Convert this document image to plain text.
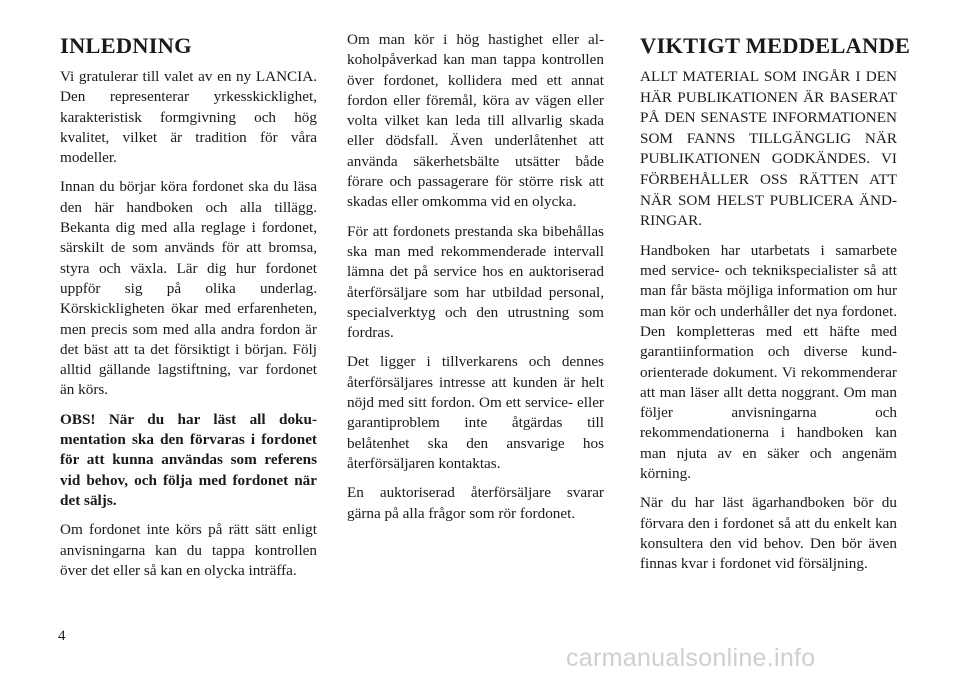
INLEDNING

Vi gratulerar till valet av en ny LANCIA. Den representerar yrkesskicklighet, karakteristisk formgivning och hög kvalitet, vilket är tradition för våra modeller.

Innan du börjar köra fordonet ska du läsa den här handboken och alla tillägg. Bekanta dig med alla reglage i fordonet, särskilt de som används för att bromsa, styra och växla. Lär dig hur fordonet uppför sig på olika underlag. Körskickligheten ökar med erfarenheten, men precis som med alla andra fordon är det bäst att ta det försiktigt i början. Följ alltid gällande lagstiftning, var fordonet än körs.

OBS! När du har läst all dokumentation ska den förvaras i fordonet för att kunna användas som referens vid behov, och följa med fordonet när det säljs.

Om fordonet inte körs på rätt sätt enligt anvisningarna kan du tappa kontrollen över det eller så kan en olycka inträffa.

Om man kör i hög hastighet eller alkoholpåverkad kan man tappa kontrollen över fordonet, kollidera med ett annat fordon eller föremål, köra av vägen eller volta vilket kan leda till allvarlig skada eller dödsfall. Även underlåtenhet att använda säkerhetsbälte utsätter både förare och passagerare för större risk att skadas eller omkomma vid en olycka.

För att fordonets prestanda ska bibehållas ska man med rekommenderade intervall lämna det på service hos en auktoriserad återförsäljare som har utbildad personal, specialverktyg och den utrustning som fordras.

Det ligger i tillverkarens och dennes återförsäljares intresse att kunden är helt nöjd med sitt fordon. Om ett service- eller garantiproblem inte åtgärdas till belåtenhet ska den ansvarige hos återförsäljaren kontaktas.

En auktoriserad återförsäljare svarar gärna på alla frågor som rör fordonet.

VIKTIGT MEDDELANDE

ALLT MATERIAL SOM INGÅR I DEN HÄR PUBLIKATIONEN ÄR BASERAT PÅ DEN SENASTE INFORMATIONEN SOM FANNS TILLGÄNGLIG NÄR PUBLIKATIONEN GODKÄNDES. VI FÖRBEHÅLLER OSS RÄTTEN ATT NÄR SOM HELST PUBLICERA ÄNDRINGAR.

Handboken har utarbetats i samarbete med service- och teknikspecialister så att man får bästa möjliga information om hur man kör och underhåller det nya fordonet. Den kompletteras med ett häfte med garantiinformation och diverse kundorienterade dokument. Vi rekommenderar att man läser allt detta noggrant. Om man följer anvisningarna och rekommendationerna i handboken kan man njuta av en säker och angenäm körning.

När du har läst ägarhandboken bör du förvara den i fordonet så att du enkelt kan konsultera den vid behov. Den bör även finnas kvar i fordonet vid försäljning.

4
carmanualsonline.info
